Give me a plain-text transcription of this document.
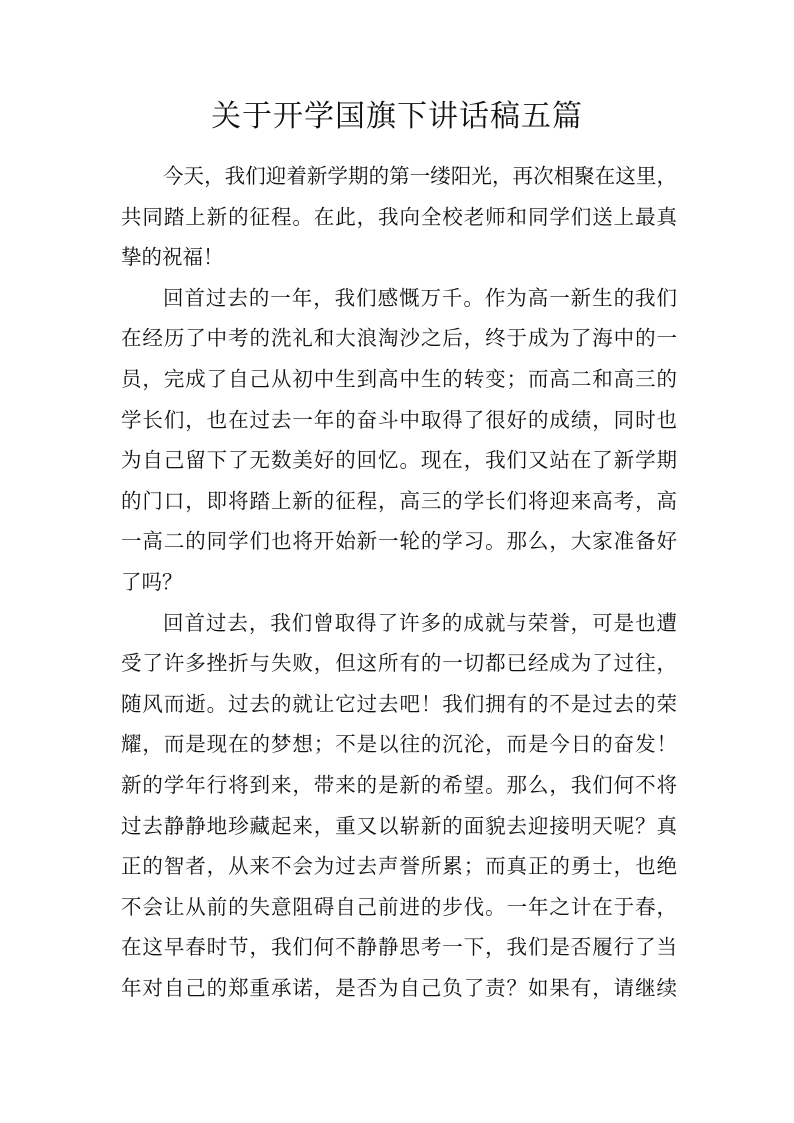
关于开学国旗下讲话稿五篇
今天，我们迎着新学期的第一缕阳光，再次相聚在这里，
共同踏上新的征程。在此，我向全校老师和同学们送上最真
挚的祝福！
回首过去的一年，我们感慨万千。作为高一新生的我们
在经历了中考的洗礼和大浪淘沙之后，终于成为了海中的一
员，完成了自己从初中生到高中生的转变；而高二和高三的
学长们，也在过去一年的奋斗中取得了很好的成绩，同时也
为自己留下了无数美好的回忆。现在，我们又站在了新学期
的门口，即将踏上新的征程，高三的学长们将迎来高考，高
一高二的同学们也将开始新一轮的学习。那么，大家准备好
了吗？
回首过去，我们曾取得了许多的成就与荣誉，可是也遭
受了许多挫折与失败，但这所有的一切都已经成为了过往，
随风而逝。过去的就让它过去吧！我们拥有的不是过去的荣
耀，而是现在的梦想；不是以往的沉沦，而是今日的奋发！
新的学年行将到来，带来的是新的希望。那么，我们何不将
过去静静地珍藏起来，重又以崭新的面貌去迎接明天呢？真
正的智者，从来不会为过去声誉所累；而真正的勇士，也绝
不会让从前的失意阻碍自己前进的步伐。一年之计在于春，
在这早春时节，我们何不静静思考一下，我们是否履行了当
年对自己的郑重承诺，是否为自己负了责？如果有，请继续
